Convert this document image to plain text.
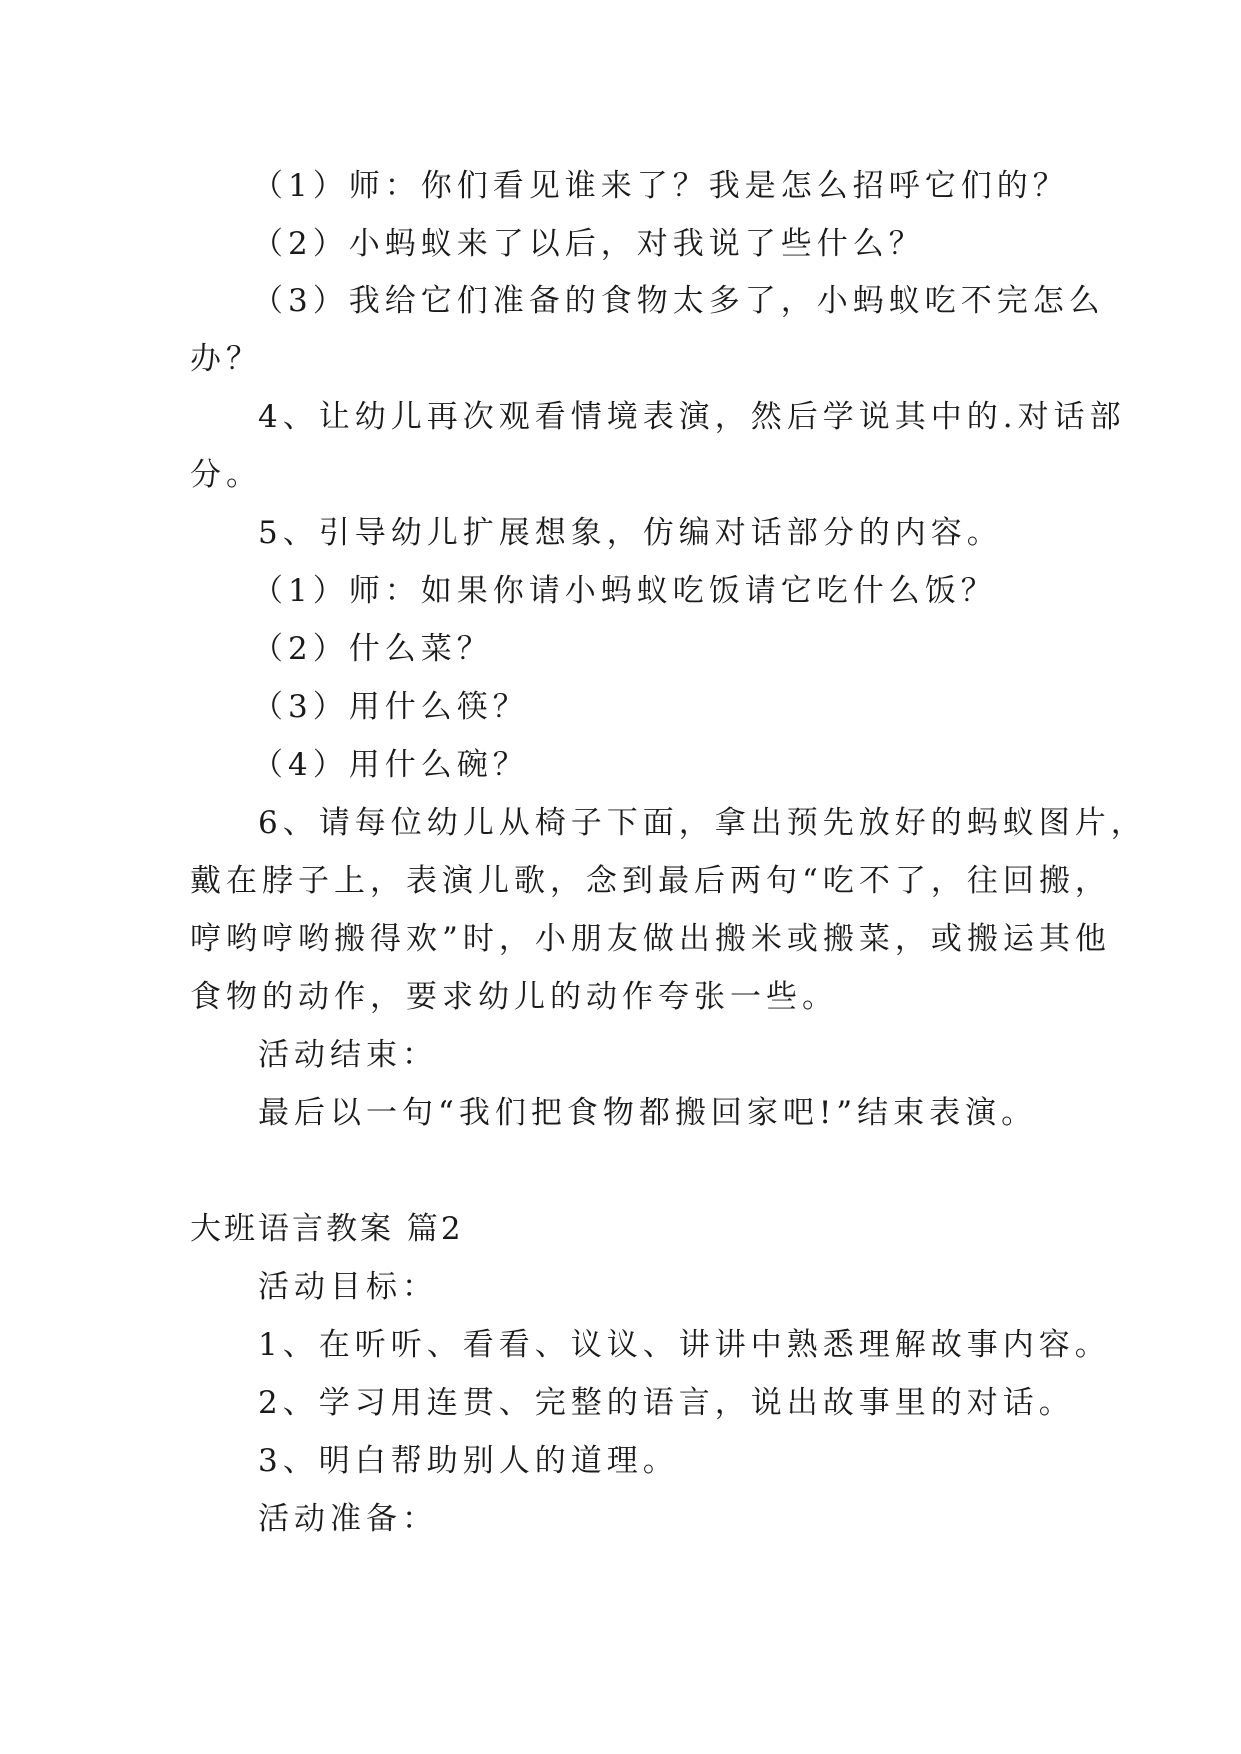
（1）师：你们看见谁来了？我是怎么招呼它们的？
（2）小蚂蚁来了以后，对我说了些什么？
（3）我给它们准备的食物太多了，小蚂蚁吃不完怎么
办？
4、让幼儿再次观看情境表演，然后学说其中的.对话部
分。
5、引导幼儿扩展想象，仿编对话部分的内容。
（1）师：如果你请小蚂蚁吃饭请它吃什么饭？
（2）什么菜？
（3）用什么筷？
（4）用什么碗？
6、请每位幼儿从椅子下面，拿出预先放好的蚂蚁图片，
戴在脖子上，表演儿歌，念到最后两句“吃不了，往回搬，
哼哟哼哟搬得欢”时，小朋友做出搬米或搬菜，或搬运其他
食物的动作，要求幼儿的动作夸张一些。
活动结束：
最后以一句“我们把食物都搬回家吧!”结束表演。
大班语言教案 篇2
活动目标：
1、在听听、看看、议议、讲讲中熟悉理解故事内容。
2、学习用连贯、完整的语言，说出故事里的对话。
3、明白帮助别人的道理。
活动准备：
